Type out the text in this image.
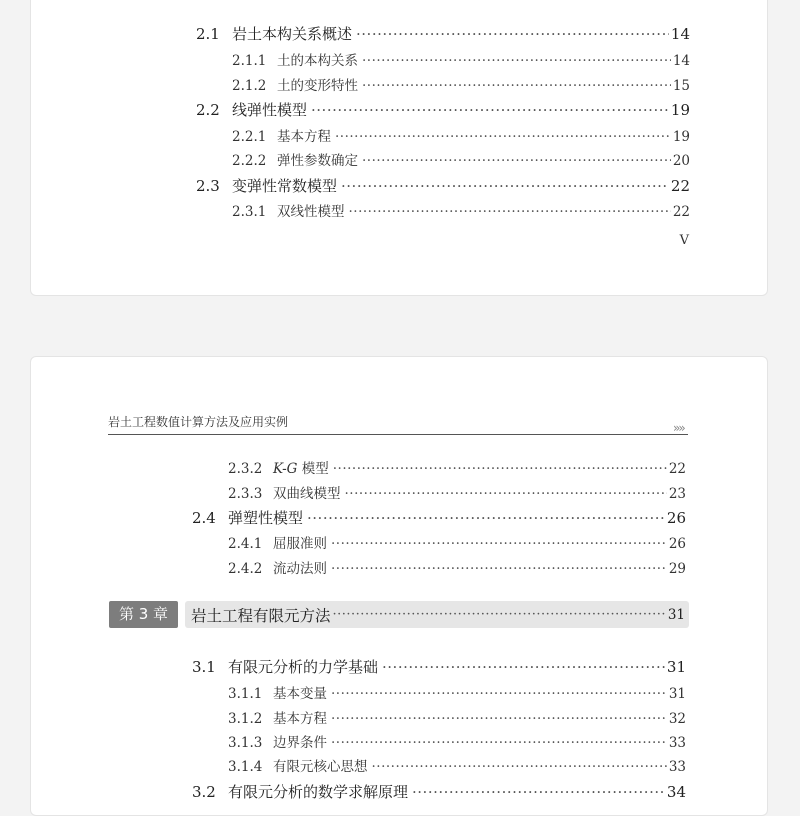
2.1 岩土本构关系概述 ·····	14
2.1.1 土的本构关系 ·····	14
2.1.2 土的变形特性 ·····	15
2.2 线弹性模型 ·····	19
2.2.1 基本方程 ·····	19
2.2.2 弹性参数确定 ·····	20
2.3 变弹性常数模型 ·····	22
2.3.1 双线性模型 ·····	22
V
岩土工程数值计算方法及应用实例	»»
2.3.2 K-G 模型 ·····	22
2.3.3 双曲线模型 ·····	23
2.4 弹塑性模型 ·····	26
2.4.1 屈服准则 ·····	26
2.4.2 流动法则 ·····	29
第 3 章	岩土工程有限元方法 ·····	31
3.1 有限元分析的力学基础 ·····	31
3.1.1 基本变量 ·····	31
3.1.2 基本方程 ·····	32
3.1.3 边界条件 ·····	33
3.1.4 有限元核心思想 ·····	33
3.2 有限元分析的数学求解原理 ·····	34
